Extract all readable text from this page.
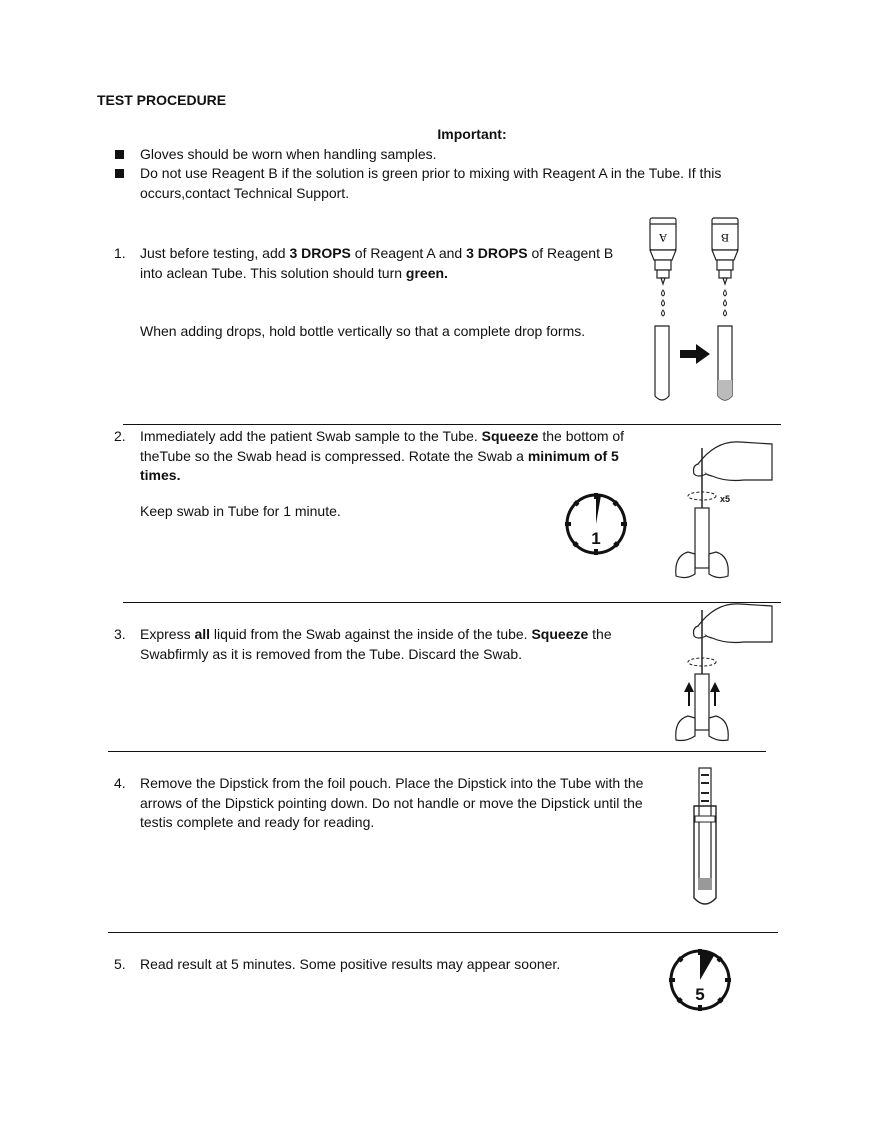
TEST PROCEDURE
Important:
Gloves should be worn when handling samples.
Do not use Reagent B if the solution is green prior to mixing with Reagent A in the Tube. If this
occurs,contact Technical Support.
1. Just before testing, add 3 DROPS of Reagent A and 3 DROPS of Reagent B
into aclean Tube. This solution should turn green.
When adding drops, hold bottle vertically so that a complete drop forms.
A	B
2. Immediately add the patient Swab sample to the Tube. Squeeze the bottom of
theTube so the Swab head is compressed. Rotate the Swab a minimum of 5
times.
Keep swab in Tube for 1 minute.
1
x5
3. Express all liquid from the Swab against the inside of the tube. Squeeze the
Swabfirmly as it is removed from the Tube. Discard the Swab.
4. Remove the Dipstick from the foil pouch. Place the Dipstick into the Tube with the
arrows of the Dipstick pointing down. Do not handle or move the Dipstick until the
testis complete and ready for reading.
5. Read result at 5 minutes. Some positive results may appear sooner.
5
